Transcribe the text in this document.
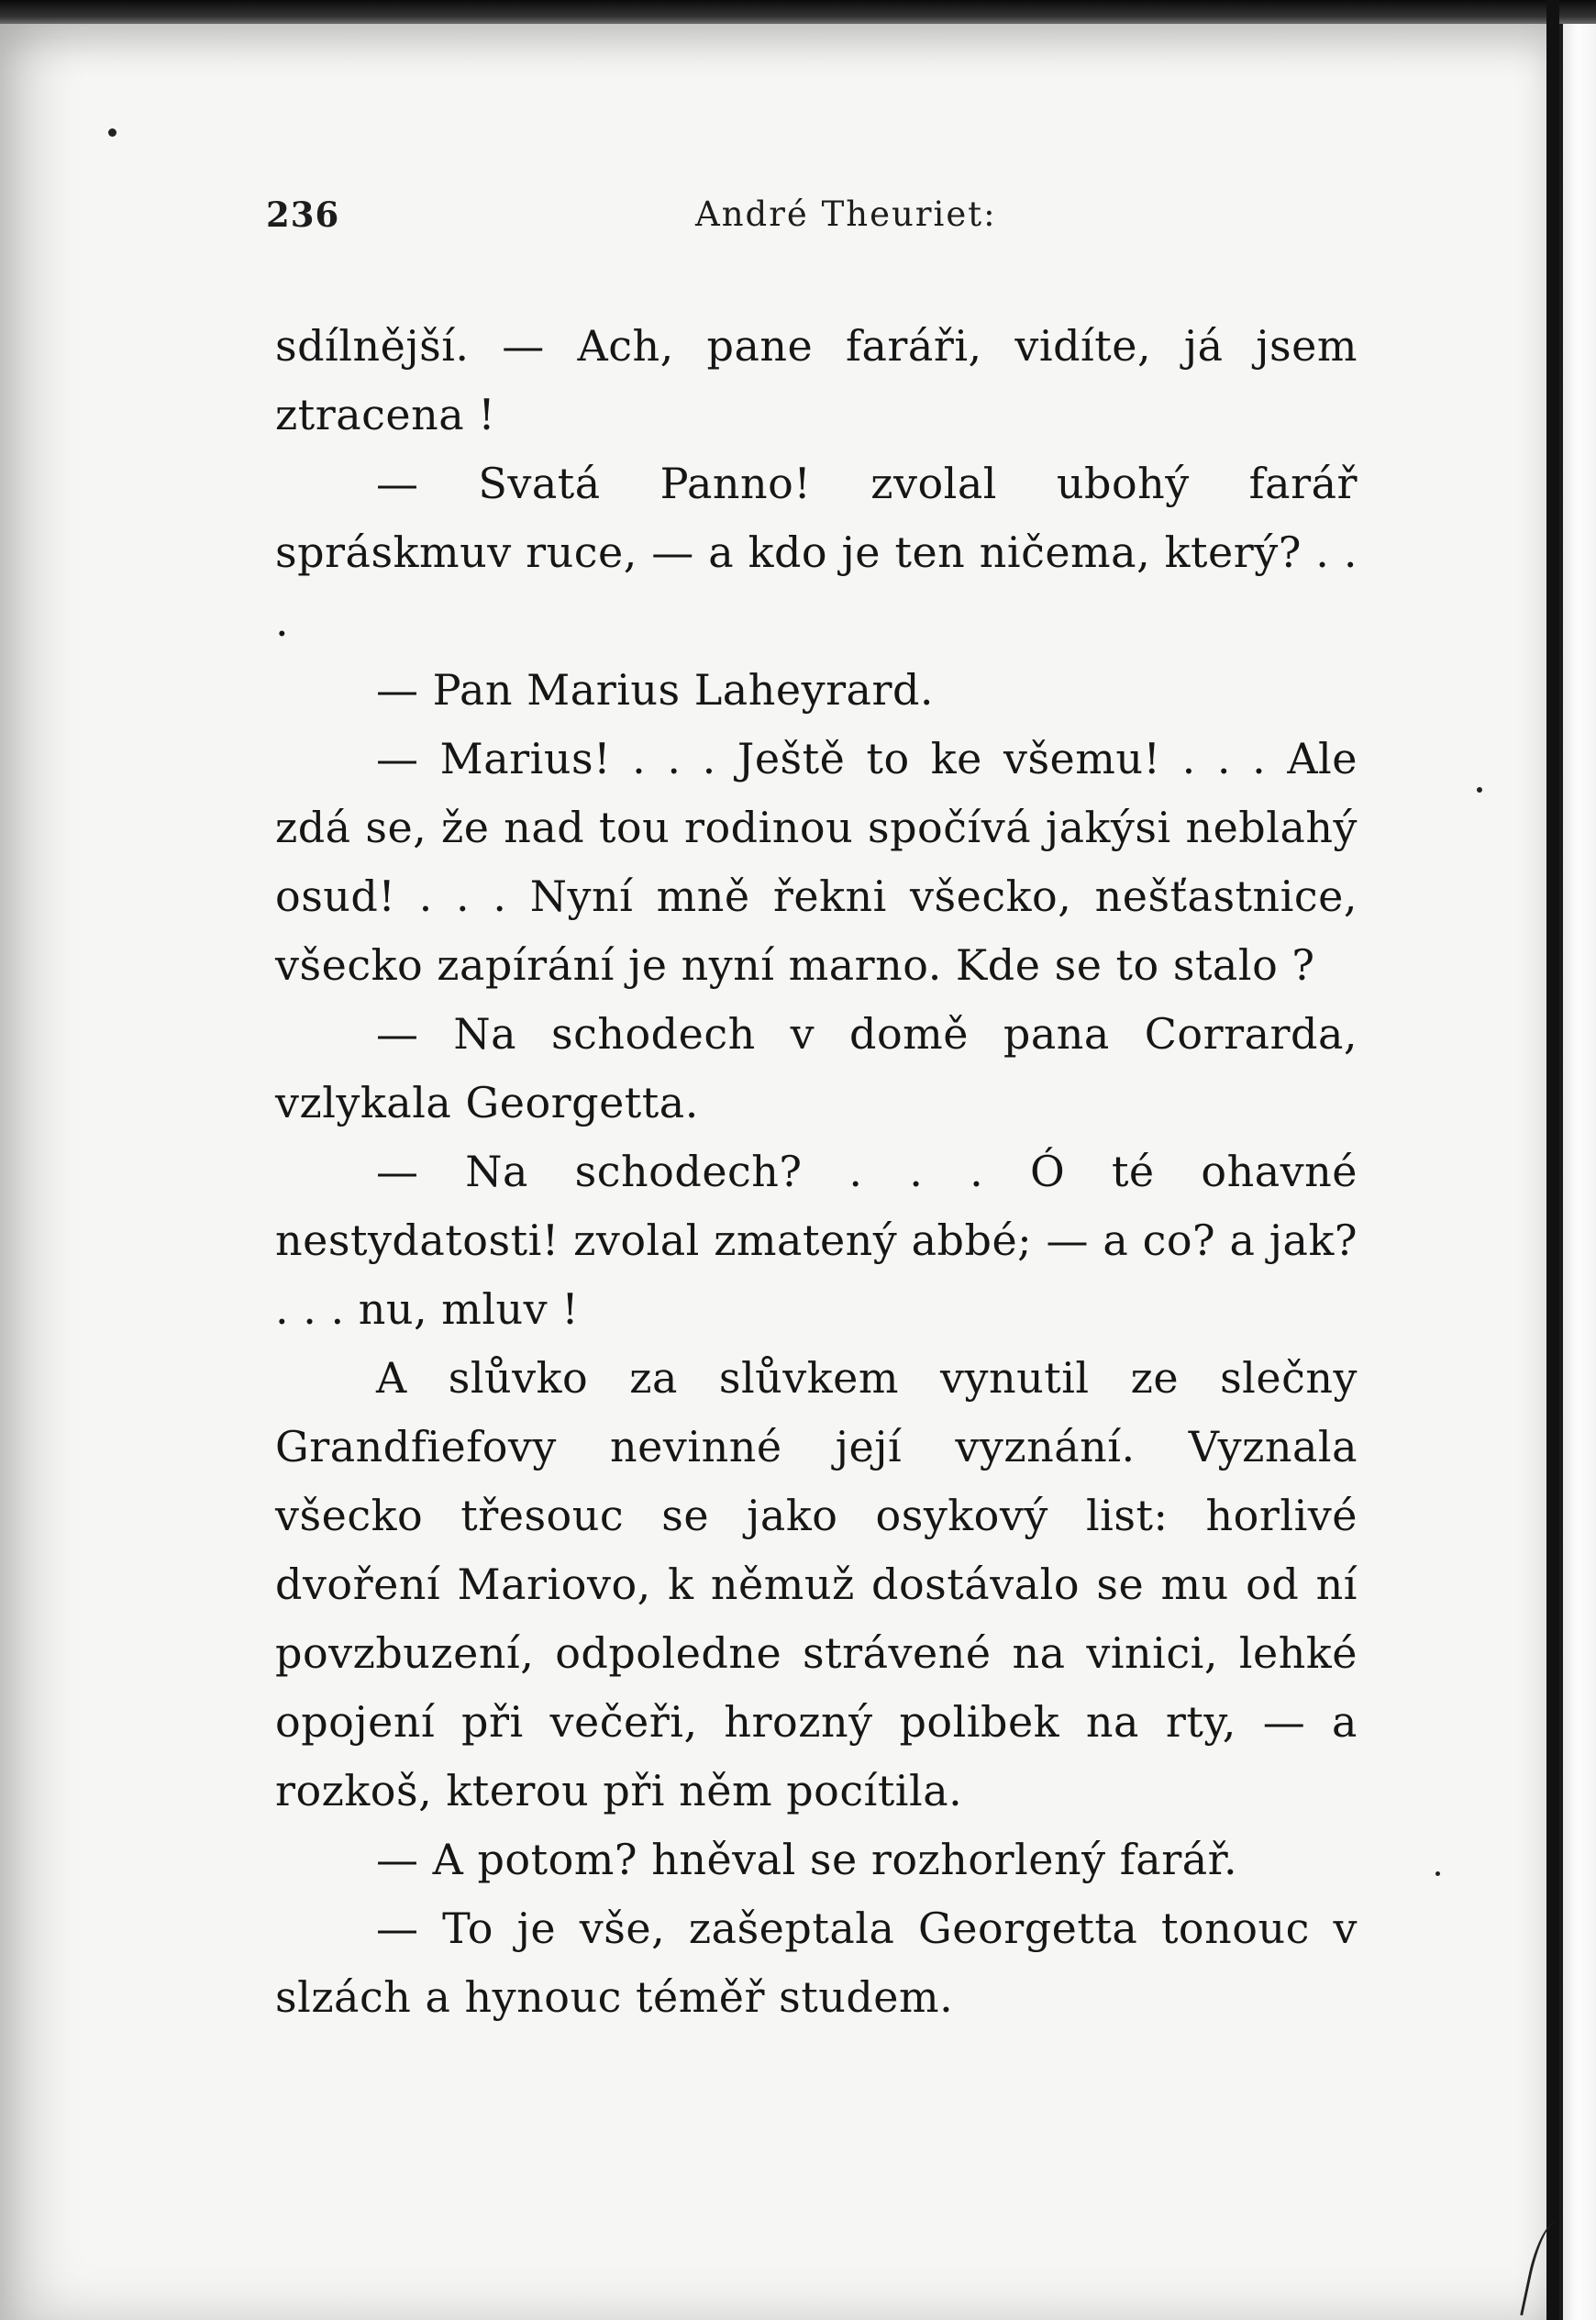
236	André Theuriet:

sdílnější. — Ach, pane faráři, vidíte, já jsem ztracena !

— Svatá Panno! zvolal ubohý farář spráskmuv ruce, — a kdo je ten ničema, který? . . .

— Pan Marius Laheyrard.

— Marius! . . . Ještě to ke všemu! . . . Ale zdá se, že nad tou rodinou spočívá jakýsi neblahý osud! . . . Nyní mně řekni všecko, nešťastnice, všecko zapírání je nyní marno. Kde se to stalo ?

— Na schodech v domě pana Corrarda, vzlykala Georgetta.

— Na schodech? . . . Ó té ohavné nestydatosti! zvolal zmatený abbé; — a co? a jak? . . . nu, mluv !

A slůvko za slůvkem vynutil ze slečny Grandfiefovy nevinné její vyznání. Vyznala všecko třesouc se jako osykový list: horlivé dvoření Mariovo, k němuž dostávalo se mu od ní povzbuzení, odpoledne strávené na vinici, lehké opojení při večeři, hrozný polibek na rty, — a rozkoš, kterou při něm pocítila.

— A potom? hněval se rozhorlený farář.

— To je vše, zašeptala Georgetta tonouc v slzách a hynouc téměř studem.
